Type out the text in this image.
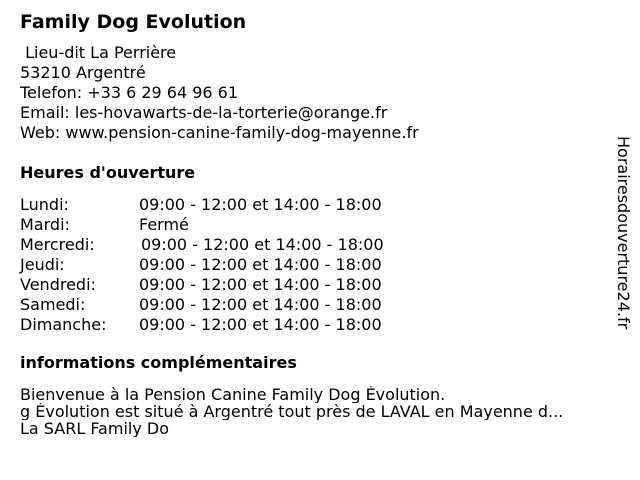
Family Dog Evolution
Lieu-dit La Perrière
53210 Argentré
Telefon: +33 6 29 64 96 61
Email: les-hovawarts-de-la-torterie@orange.fr
Web: www.pension-canine-family-dog-mayenne.fr
Heures d'ouverture
Lundi:	09:00 - 12:00 et 14:00 - 18:00
Mardi:	Fermé
Mercredi:	09:00 - 12:00 et 14:00 - 18:00
Jeudi:	09:00 - 12:00 et 14:00 - 18:00
Vendredi:	09:00 - 12:00 et 14:00 - 18:00
Samedi:	09:00 - 12:00 et 14:00 - 18:00
Dimanche: 09:00 - 12:00 et 14:00 - 18:00
informations complémentaires
Bienvenue à la Pension Canine Family Dog Évolution.
g Évolution est situé à Argentré tout près de LAVAL en Mayenne d...
La SARL Family Do
Horairesdouverture24.fr
